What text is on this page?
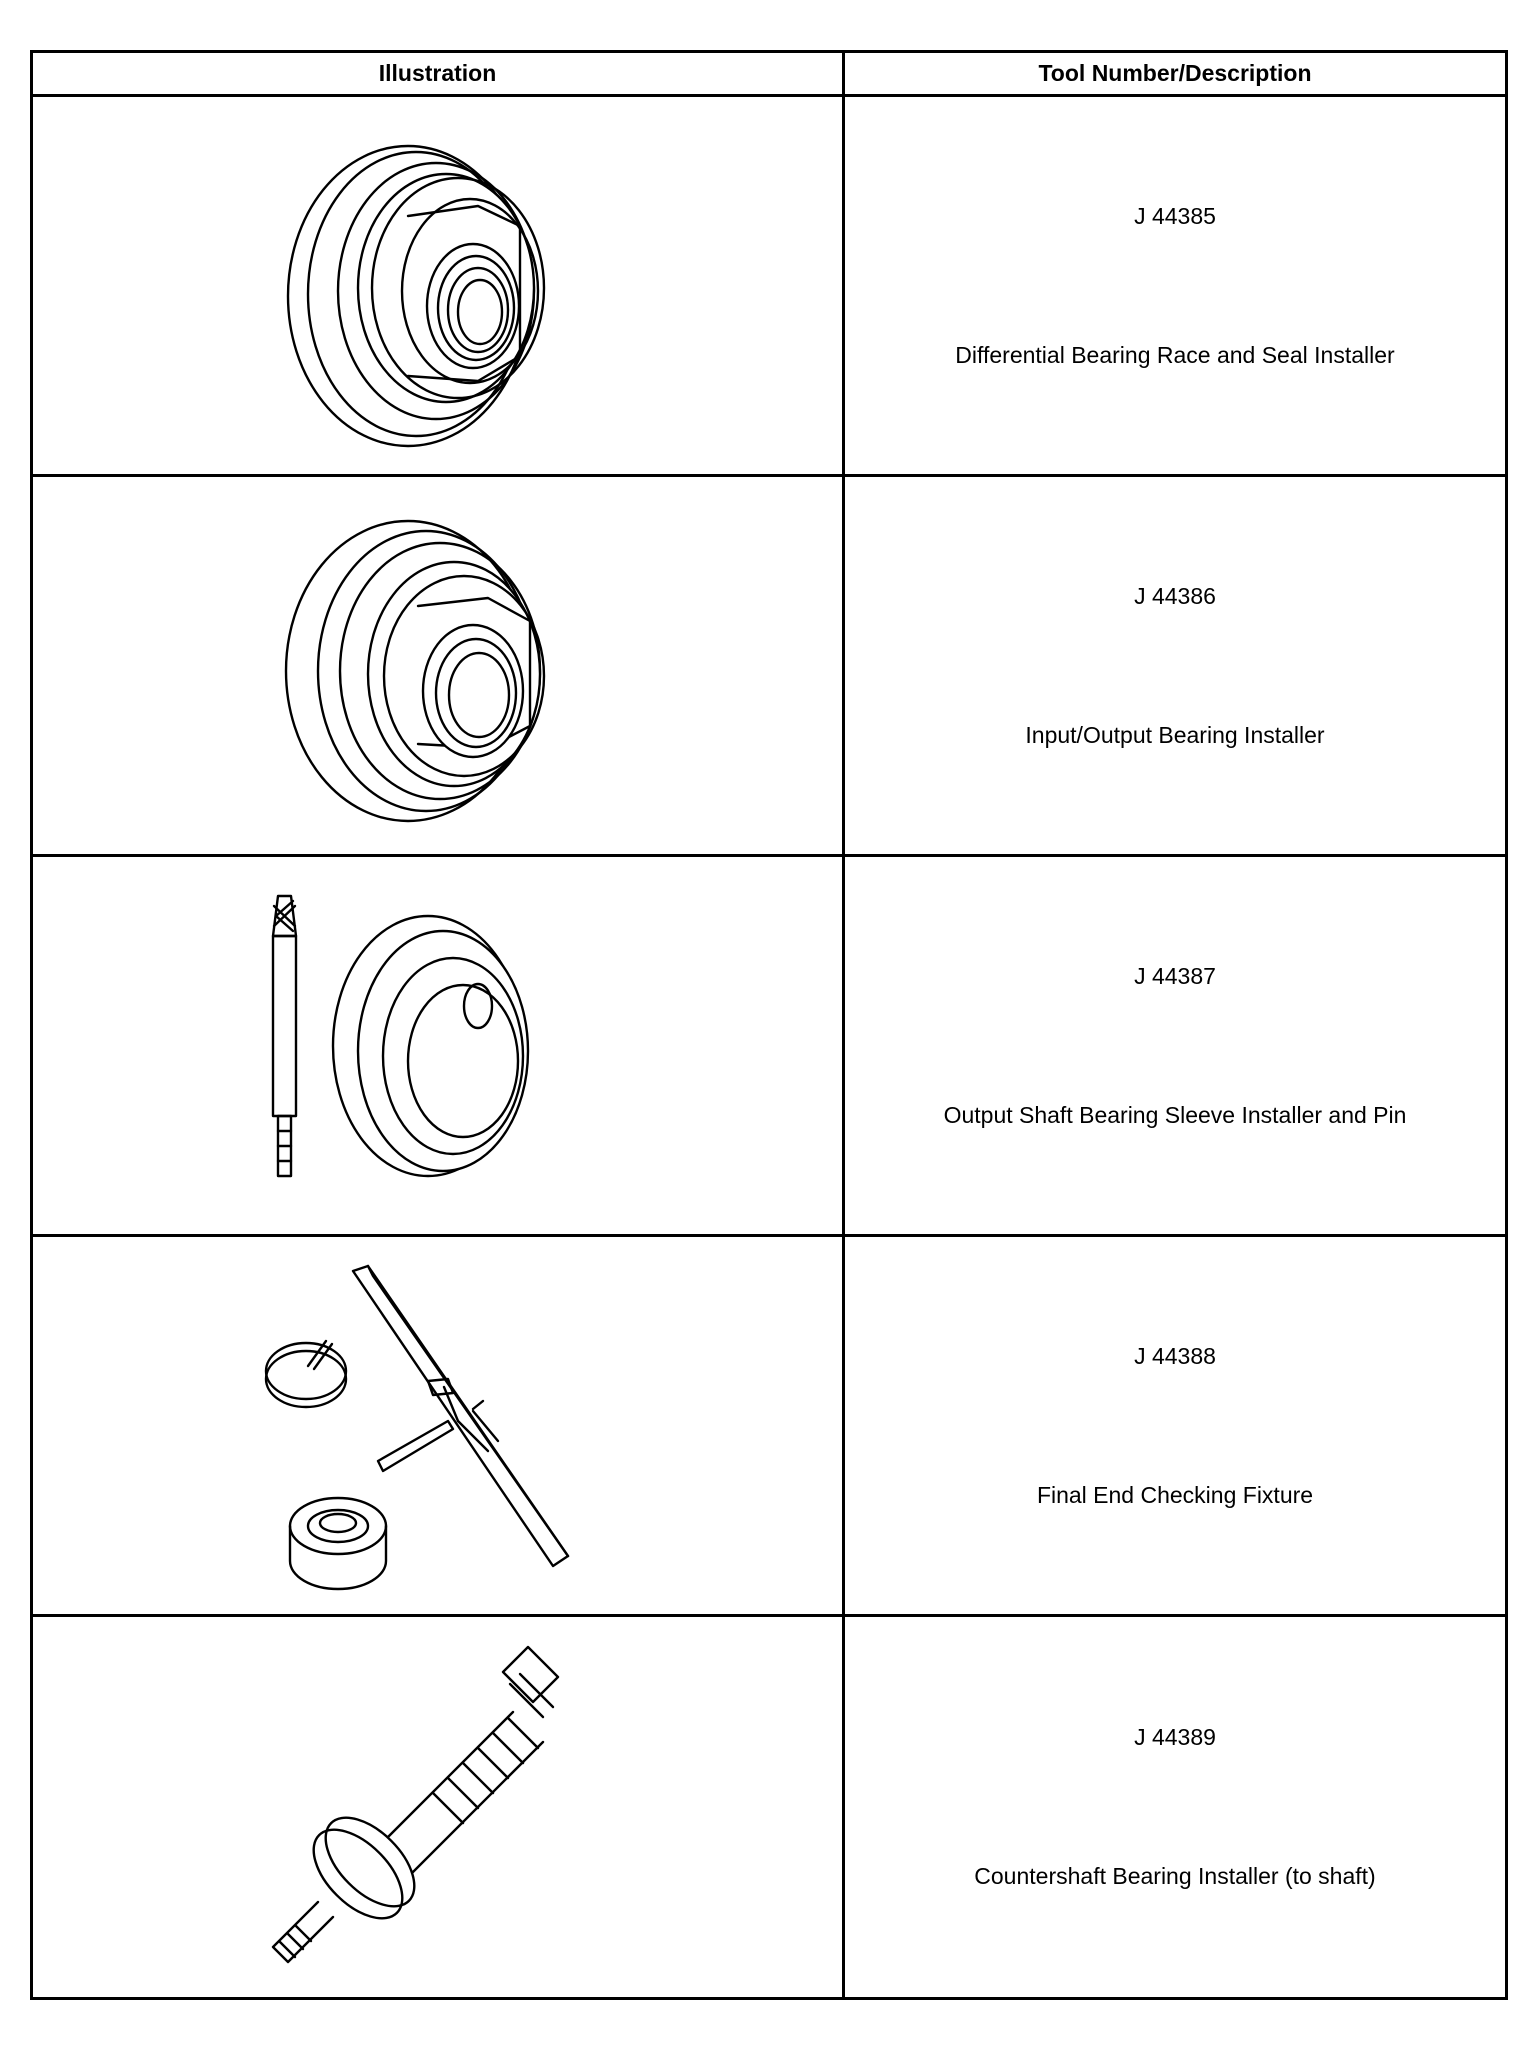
Illustration	Tool Number/Description
J 44385
Differential Bearing Race and Seal Installer
J 44386
Input/Output Bearing Installer
J 44387
Output Shaft Bearing Sleeve Installer and Pin
J 44388
Final End Checking Fixture
J 44389
Countershaft Bearing Installer (to shaft)
